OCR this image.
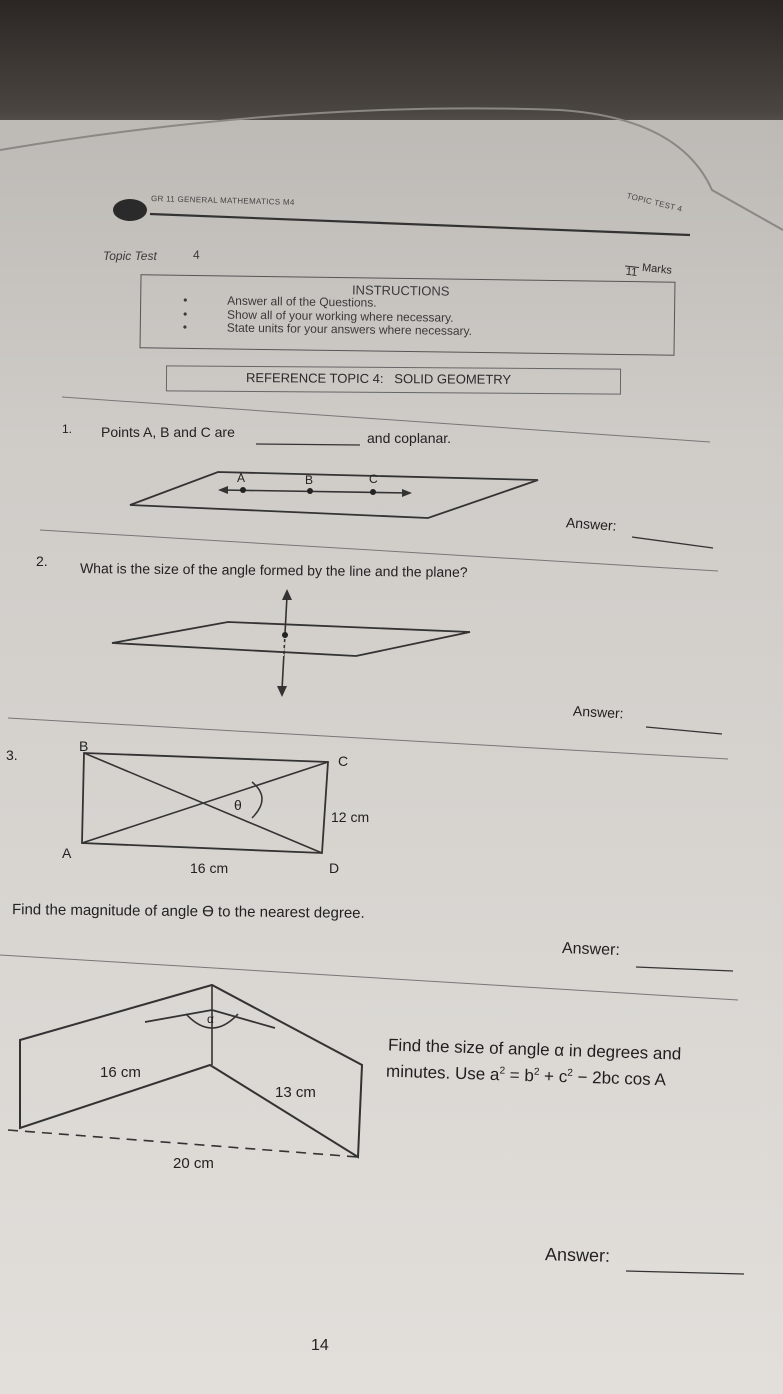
GR 11 GENERAL MATHEMATICS M4	TOPIC TEST 4
Topic Test	4

11 Marks
INSTRUCTIONS
•	Answer all of the Questions.
•	Show all of your working where necessary.
•	State units for your answers where necessary.
REFERENCE TOPIC 4:   SOLID GEOMETRY
1. Points A, B and C are	and coplanar.
A	B	C
Answer:
2. What is the size of the angle formed by the line and the plane?
Answer:
3.
B
C
A
D
θ
12 cm
16 cm
Find the magnitude of angle ϴ to the nearest degree.
Answer:
α
16 cm
13 cm
20 cm
Find the size of angle α in degrees and
minutes. Use $a^2 = b^2 + c^2 - 2bc$ cos A
Answer:
14
